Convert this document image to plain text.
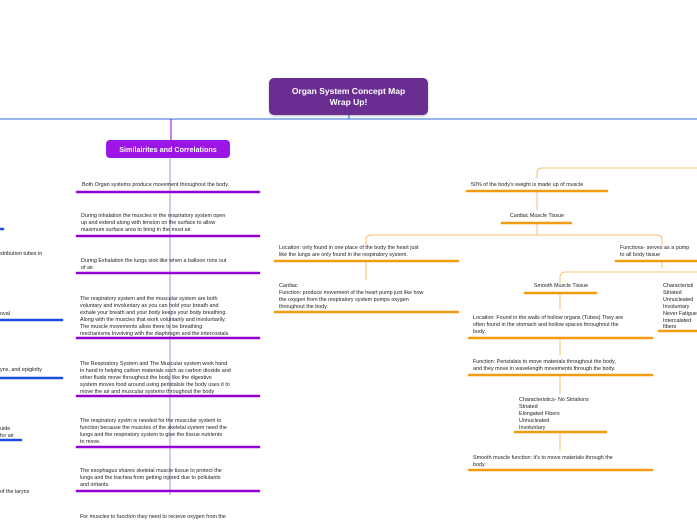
Organ System Concept Map
Wrap Up!
Similairites and Correlations
Both Organ systems produce movement throughout the body.
During inhalation the muscles in the respiratory system open
up and extend along with tension on the surface to allow
maximum surface area to bring in the most air.
During Exhalation the lungs sink like when a balloon runs out
of air.
The respiratory system and the muscular system are both
voluntary and involuntary as you can hold your breath and
exhale your breath and your body keeps your body breathing.
Along with the muscles that work voluntarily and involuntarily.
The muscle movements allow there to be breathing
mechanisms Involving with the diaphragm and the intercostals
The Respiratory System and The Muscular system work hand
in hand in helping carbon materials such as carbon dioxide and
other fluids move throughout the body like the digestive
system moves food around using peristalsis the body uses it to
move the air and muscular systems throughout the body
The respiratory systm is needed for the muscular system to
function because the muscles of the skeletal system need the
lungs and the respiratory system to give the tissue nutrients
to move.
The esophagus shares skeletal muscle tissue to protect the
lungs and the trachea from getting injured due to pollutants
and irritants.
For muscles to function they need to recieve oxygen from the
stribution tubes in
oval
ynx, and epiglotty
uide
for air
of the larynx
50% of the body's weight is made up of muscle
Cardiac Muscle Tissue
Location: only found in one place of the body the heart just
like the lungs are only found in the respiratory system.
Cardiac
Function: produce movement of the heart pump just like how
the oxygen from the respiratory system pumps oxygen
throughout the body.
Functions- serves as a pump
to all body tissue
Smooth Muscle Tissue	Characteristi
Striated
Unnucleated
Involuntary
Never Fatigue
Intercalated
fibers
Location: Found in the walls of hollow organs (Tubes) They are
often found in the stomach and hollow spaces throughout the
body.
Function: Peristalsis to move materials throughout the body,
and they move in wavelength movements through the body.
Characteristics- No Striations
Striated
Elongated Fibers
Unnucleated
Involuntary
Smooth muscle function: it's to move materials through the
body.
